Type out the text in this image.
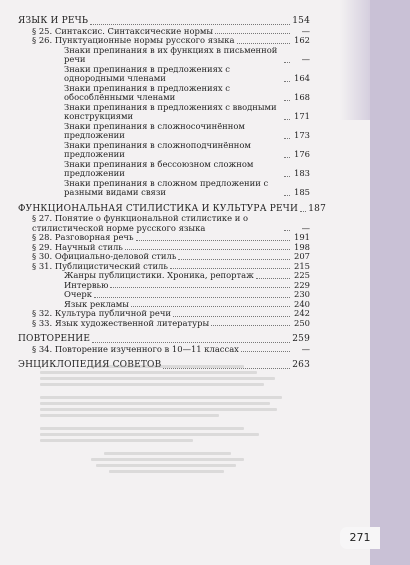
ЯЗЫК И РЕЧЬ	154
§ 25. Синтаксис. Синтаксические нормы	—
§ 26. Пунктуационные нормы русского языка	162
Знаки препинания в их функциях в письменной речи	—
Знаки препинания в предложениях с однородными членами	164
Знаки препинания в предложениях с обособлёнными членами	168
Знаки препинания в предложениях с вводными конструкциями	171
Знаки препинания в сложносочинённом предложении	173
Знаки препинания в сложноподчинённом предложении	176
Знаки препинания в бессоюзном сложном предложении	183
Знаки препинания в сложном предложении с разными видами связи	185
ФУНКЦИОНАЛЬНАЯ СТИЛИСТИКА И КУЛЬТУРА РЕЧИ 187
§ 27. Понятие о функциональной стилистике и о стилистической норме русского языка	—
§ 28. Разговорная речь	191
§ 29. Научный стиль	198
§ 30. Официально-деловой стиль	207
§ 31. Публицистический стиль	215
Жанры публицистики. Хроника, репортаж	225
Интервью	229
Очерк	230
Язык рекламы	240
§ 32. Культура публичной речи	242
§ 33. Язык художественной литературы	250
ПОВТОРЕНИЕ	259
§ 34. Повторение изученного в 10—11 классах	—
ЭНЦИКЛОПЕДИЯ СОВЕТОВ	263
271
